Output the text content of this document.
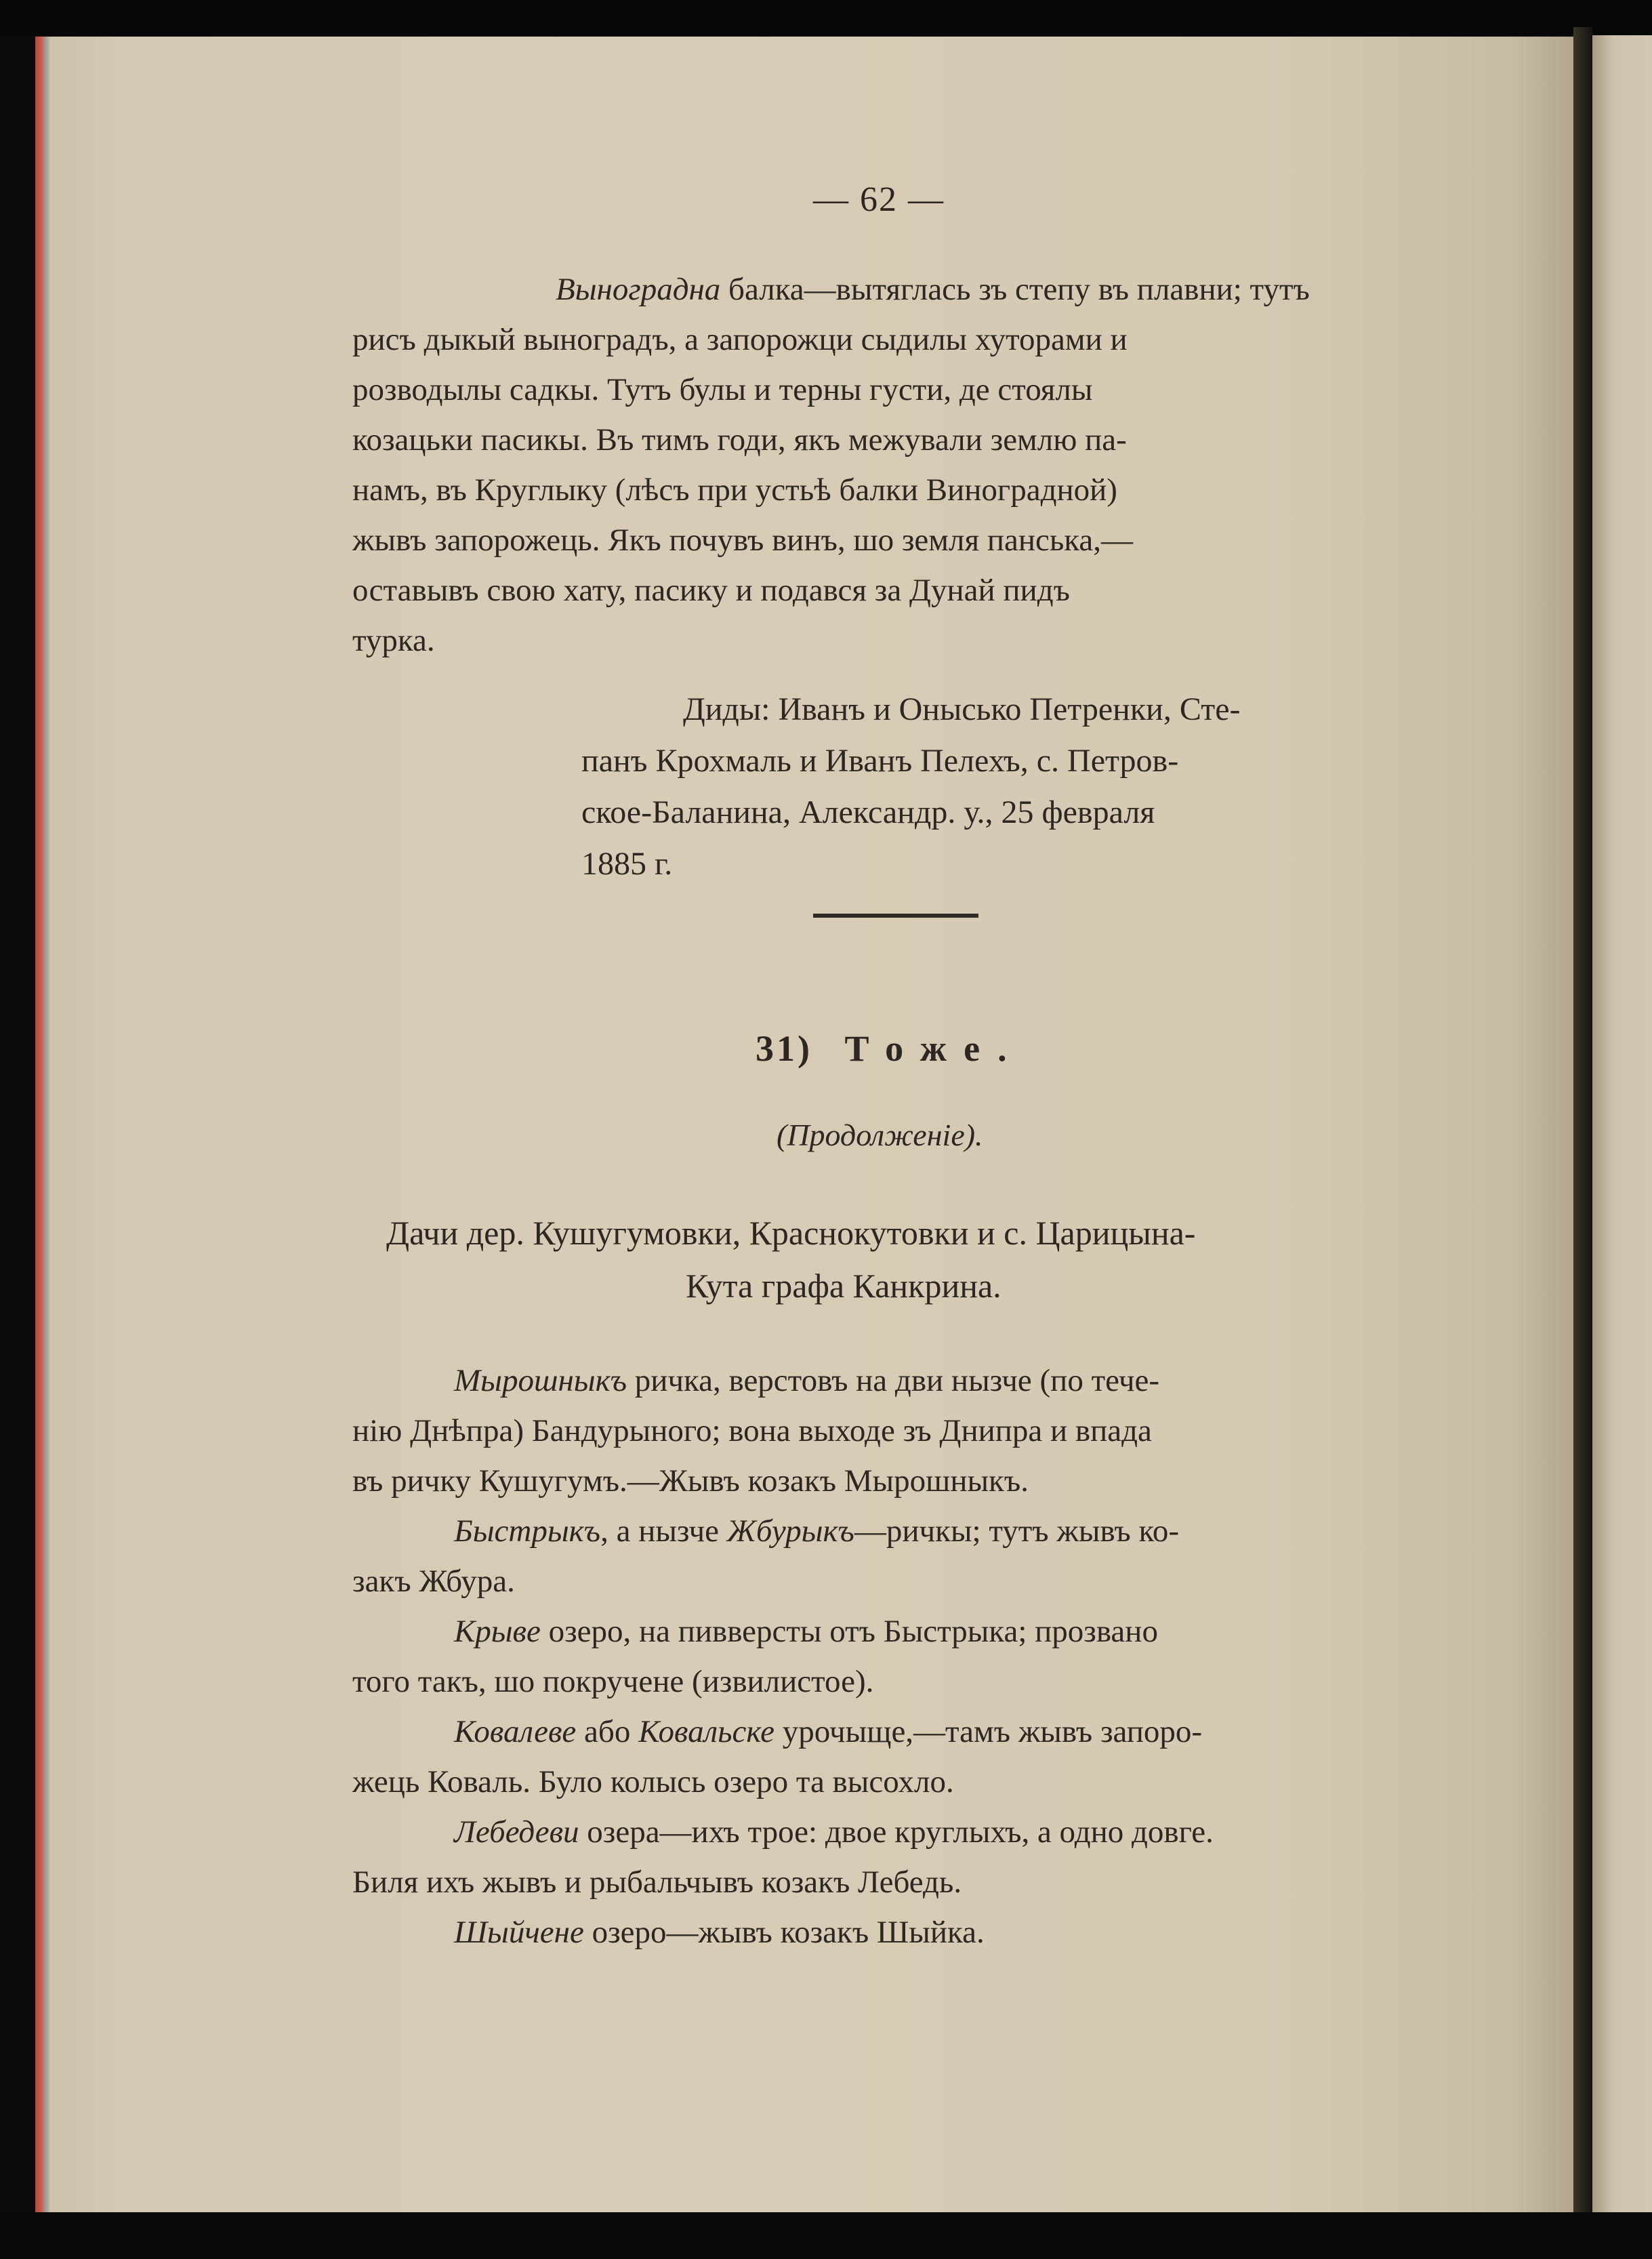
— 62 —
Выноградна балка—вытяглась зъ степу въ плавни; тутъ
рисъ дыкый выноградъ, а запорожци сыдилы хуторами и
розводылы садкы. Тутъ булы и терны густи, де стоялы
козацьки пасикы. Въ тимъ годи, якъ межували землю па-
намъ, въ Круглыку (лѣсъ при устьѣ балки Виноградной)
жывъ запорожець. Якъ почувъ винъ, шо земля панська,—
оставывъ свою хату, пасику и подався за Дунай пидъ
турка.
Диды: Иванъ и Онысько Петренки, Сте-
панъ Крохмаль и Иванъ Пелехъ, с. Петров-
ское-Баланина, Александр. у., 25 февраля
1885 г.
31) Тоже.
(Продолженіе).
Дачи дер. Кушугумовки, Краснокутовки и с. Царицына-
Кута графа Канкрина.
Мырошныкъ ричка, верстовъ на дви нызче (по тече-
нію Днѣпра) Бандурыного; вона выходе зъ Днипра и впада
въ ричку Кушугумъ.—Жывъ козакъ Мырошныкъ.
Быстрыкъ, а нызче Жбурыкъ—ричкы; тутъ жывъ ко-
закъ Жбура.
Крыве озеро, на пивверсты отъ Быстрыка; прозвано
того такъ, шо покручене (извилистое).
Ковалеве або Ковальске урочыще,—тамъ жывъ запоро-
жець Коваль. Було колысь озеро та высохло.
Лебедеви озера—ихъ трое: двое круглыхъ, а одно довге.
Биля ихъ жывъ и рыбальчывъ козакъ Лебедь.
Шыйчене озеро—жывъ козакъ Шыйка.
